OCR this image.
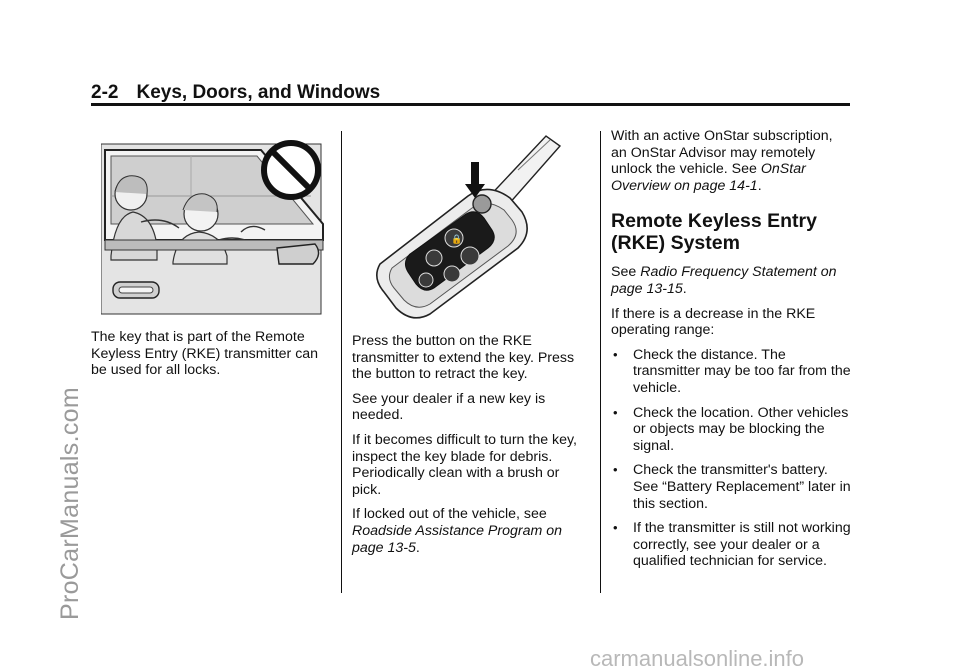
2-2 Keys, Doors, and Windows

The key that is part of the Remote Keyless Entry (RKE) transmitter can be used for all locks.

🔒

Press the button on the RKE transmitter to extend the key. Press the button to retract the key.

See your dealer if a new key is needed.

If it becomes difficult to turn the key, inspect the key blade for debris. Periodically clean with a brush or pick.

If locked out of the vehicle, see Roadside Assistance Program on page 13-5.

With an active OnStar subscription, an OnStar Advisor may remotely unlock the vehicle. See OnStar Overview on page 14-1.

Remote Keyless Entry
(RKE) System

See Radio Frequency Statement on page 13-15.

If there is a decrease in the RKE operating range:

• Check the distance. The transmitter may be too far from the vehicle.
• Check the location. Other vehicles or objects may be blocking the signal.
• Check the transmitter's battery. See “Battery Replacement” later in this section.
• If the transmitter is still not working correctly, see your dealer or a qualified technician for service.
ProCarManuals.com
carmanualsonline.info
